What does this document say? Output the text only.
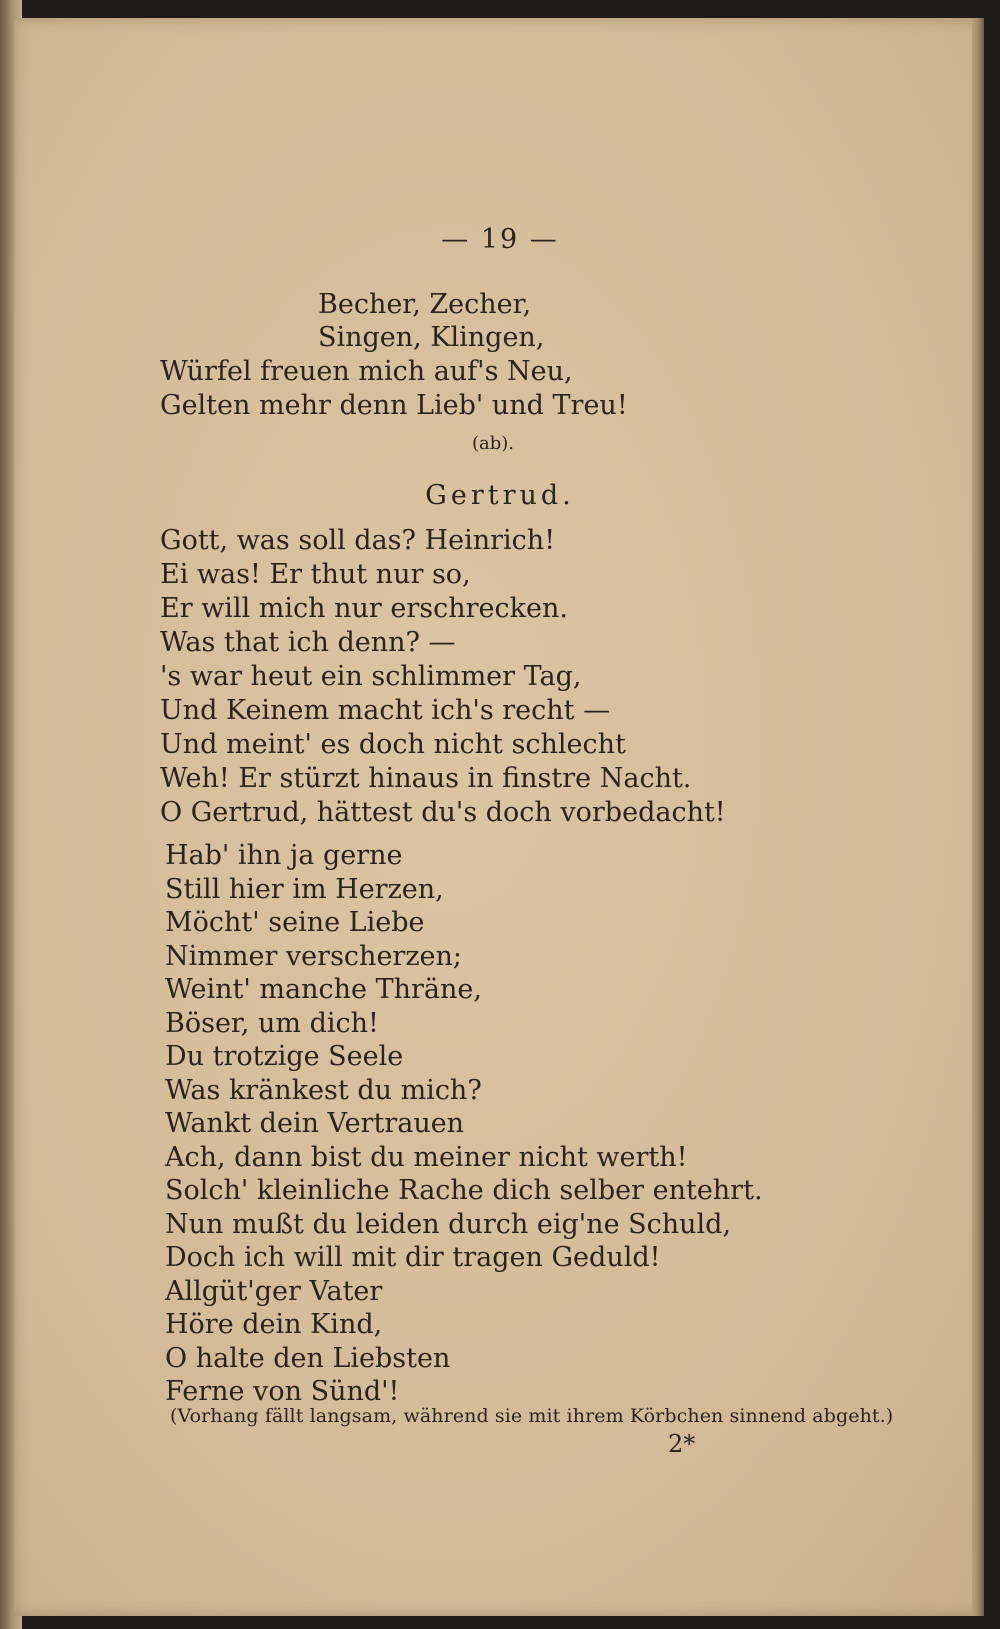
— 19 —
Becher, Zecher,
Singen, Klingen,
Würfel freuen mich auf's Neu,
Gelten mehr denn Lieb' und Treu!
(ab).
Gertrud.
Gott, was soll das? Heinrich!
Ei was! Er thut nur so,
Er will mich nur erschrecken.
Was that ich denn? —
's war heut ein schlimmer Tag,
Und Keinem macht ich's recht —
Und meint' es doch nicht schlecht
Weh! Er stürzt hinaus in finstre Nacht.
O Gertrud, hättest du's doch vorbedacht!
Hab' ihn ja gerne
Still hier im Herzen,
Möcht' seine Liebe
Nimmer verscherzen;
Weint' manche Thräne,
Böser, um dich!
Du trotzige Seele
Was kränkest du mich?
Wankt dein Vertrauen
Ach, dann bist du meiner nicht werth!
Solch' kleinliche Rache dich selber entehrt.
Nun mußt du leiden durch eig'ne Schuld,
Doch ich will mit dir tragen Geduld!
Allgüt'ger Vater
Höre dein Kind,
O halte den Liebsten
Ferne von Sünd'!
(Vorhang fällt langsam, während sie mit ihrem Körbchen sinnend abgeht.)
2*
